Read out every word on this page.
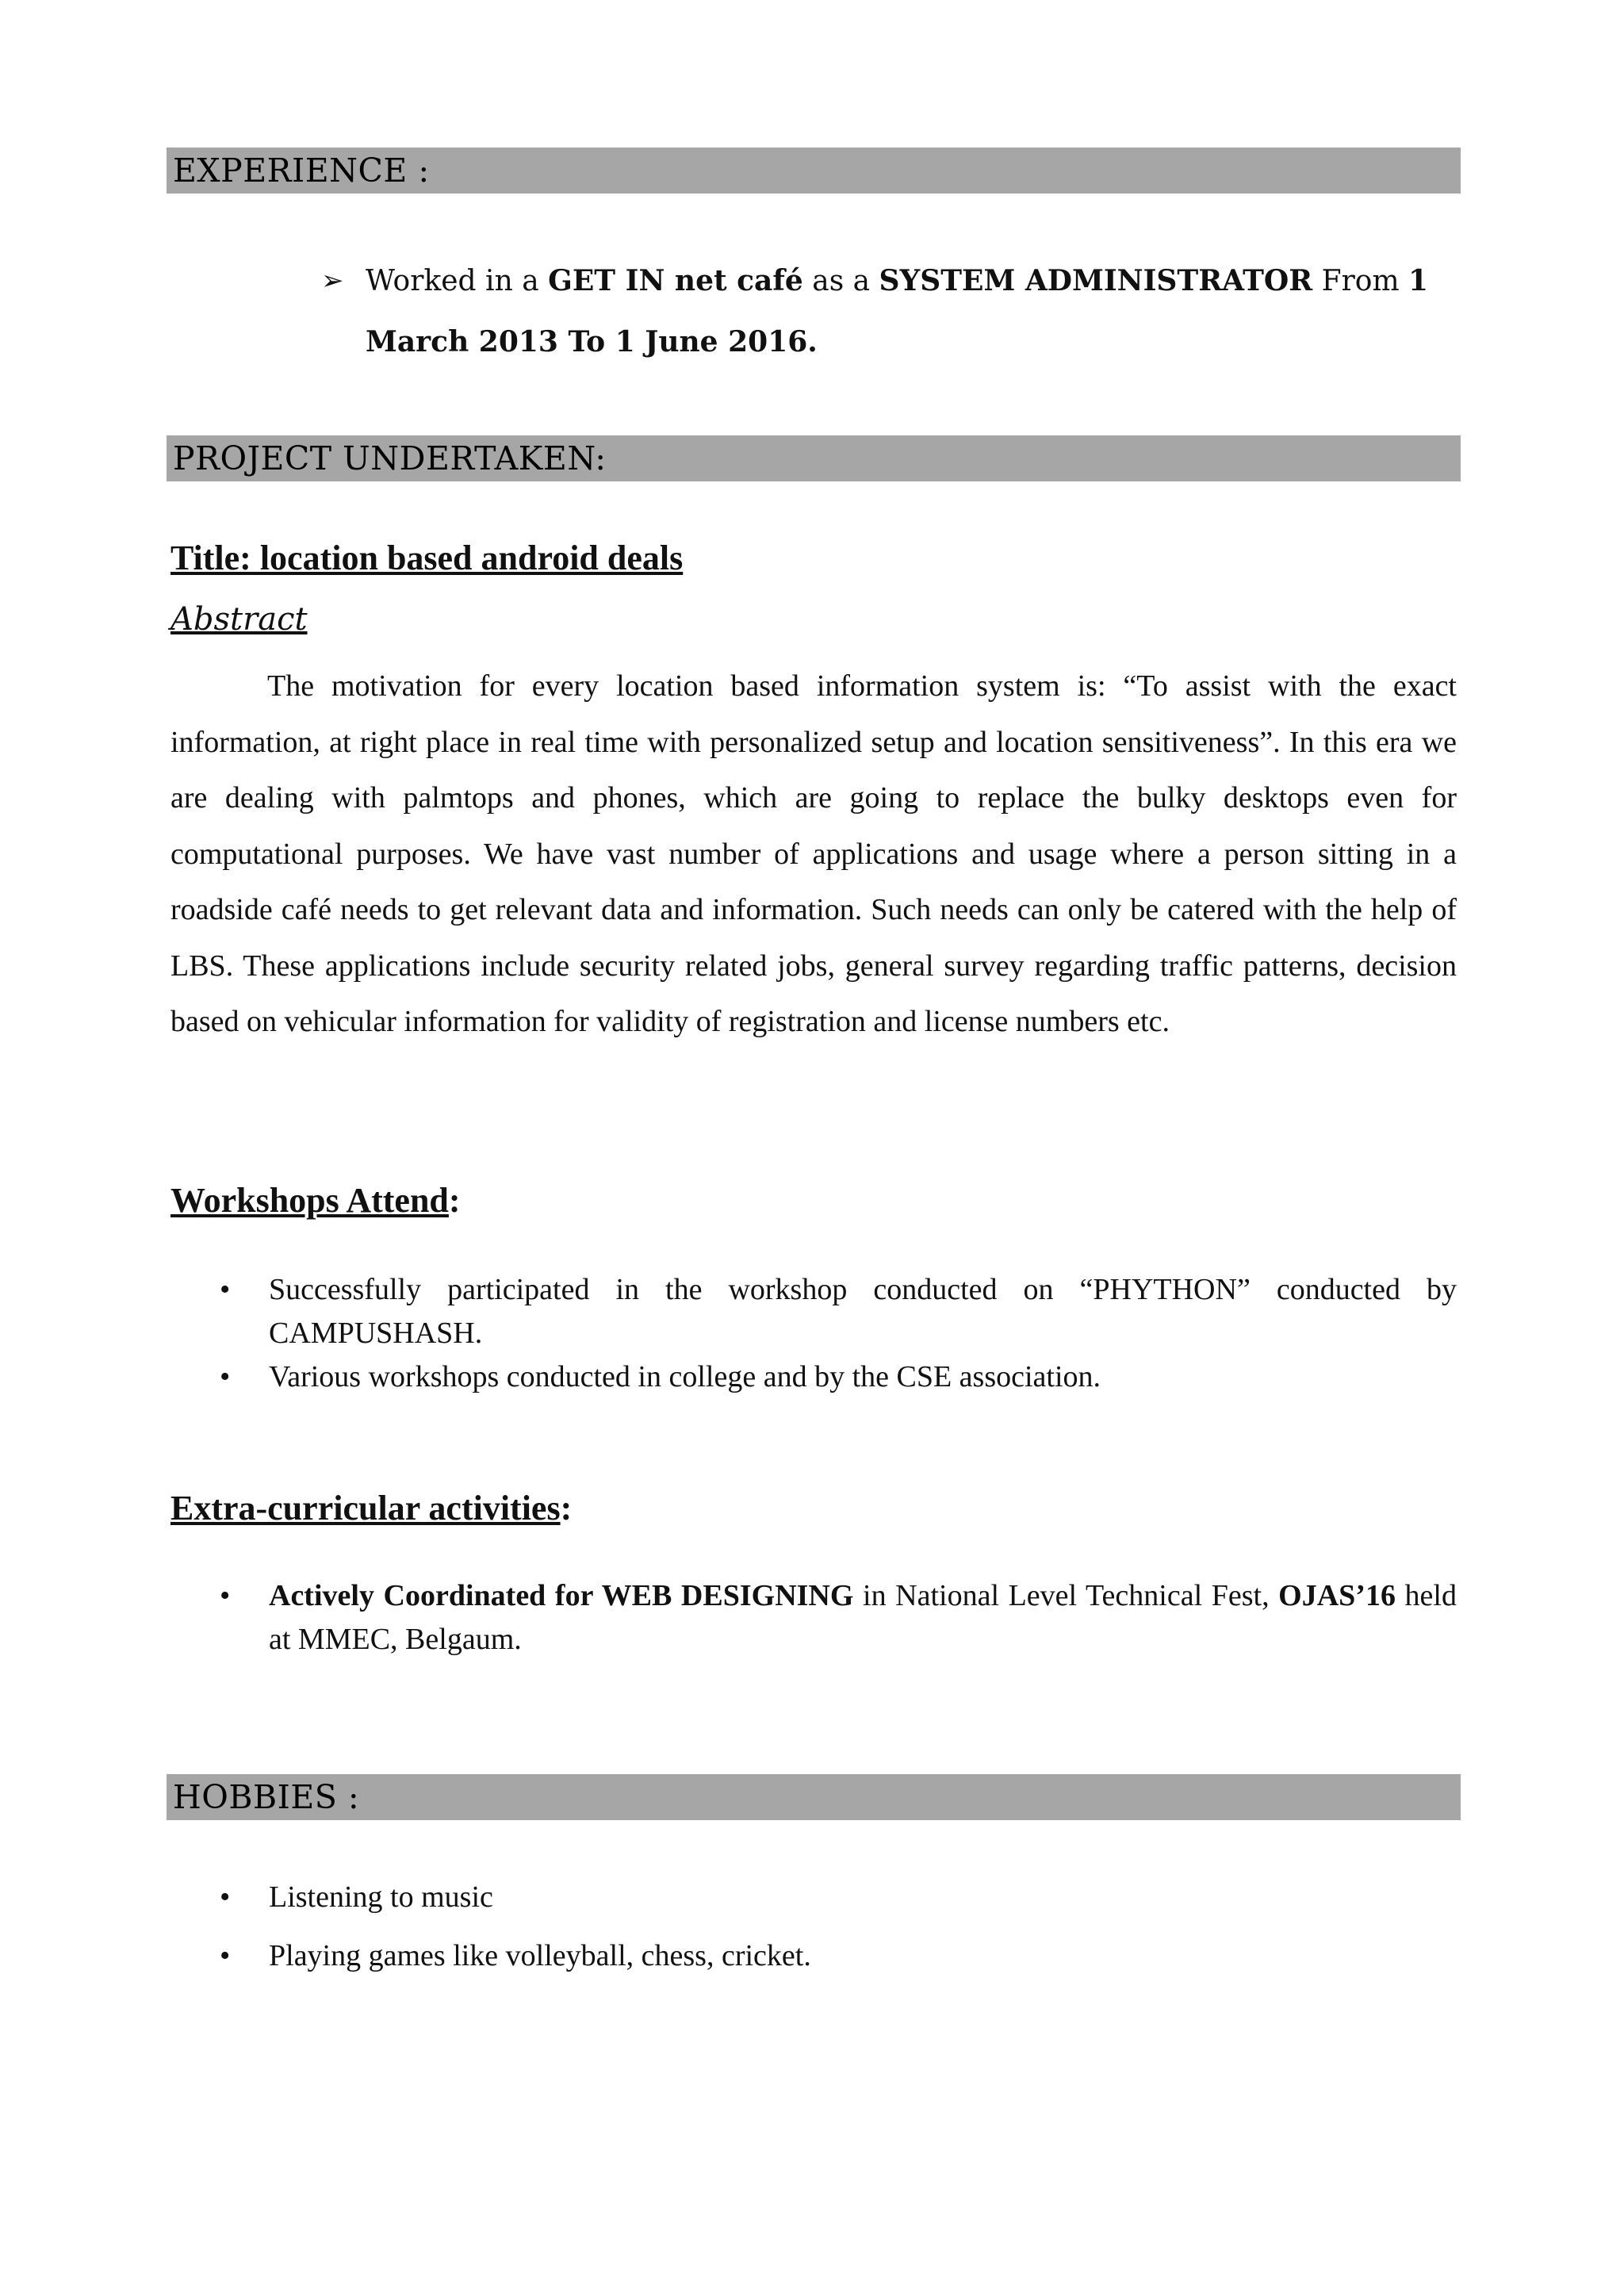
EXPERIENCE :
➢ Worked in a GET IN net café as a SYSTEM ADMINISTRATOR From 1
March 2013 To 1 June 2016.
PROJECT UNDERTAKEN:
Title: location based android deals
Abstract
The motivation for every location based information system is: “To assist with the exact information, at right place in real time with personalized setup and location sensitiveness”. In this era we are dealing with palmtops and phones, which are going to replace the bulky desktops even for computational purposes. We have vast number of applications and usage where a person sitting in a roadside café needs to get relevant data and information. Such needs can only be catered with the help of LBS. These applications include security related jobs, general survey regarding traffic patterns, decision based on vehicular information for validity of registration and license numbers etc.
Workshops Attend:
• Successfully participated in the workshop conducted on “PHYTHON” conducted by CAMPUSHASH.
• Various workshops conducted in college and by the CSE association.
Extra-curricular activities:
• Actively Coordinated for WEB DESIGNING in National Level Technical Fest, OJAS’16 held at MMEC, Belgaum.
HOBBIES :
• Listening to music
• Playing games like volleyball, chess, cricket.
